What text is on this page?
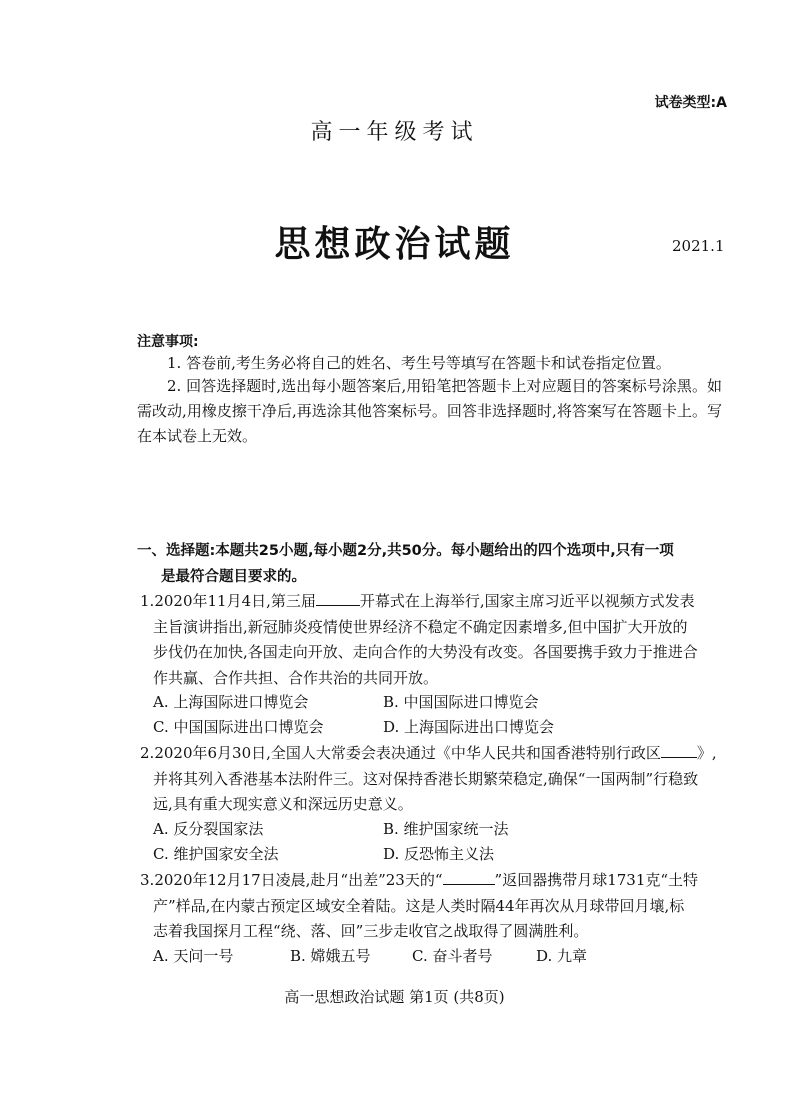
试卷类型:A
高一年级考试
思想政治试题	2021.1
注意事项:
1. 答卷前,考生务必将自己的姓名、考生号等填写在答题卡和试卷指定位置。
2. 回答选择题时,选出每小题答案后,用铅笔把答题卡上对应题目的答案标号涂黑。如需改动,用橡皮擦干净后,再选涂其他答案标号。回答非选择题时,将答案写在答题卡上。写在本试卷上无效。
一、选择题:本题共25小题,每小题2分,共50分。每小题给出的四个选项中,只有一项
是最符合题目要求的。
1.2020年11月4日,第三届	开幕式在上海举行,国家主席习近平以视频方式发表
主旨演讲指出,新冠肺炎疫情使世界经济不稳定不确定因素增多,但中国扩大开放的
步伐仍在加快,各国走向开放、走向合作的大势没有改变。各国要携手致力于推进合
作共赢、合作共担、合作共治的共同开放。
A. 上海国际进口博览会	B. 中国国际进口博览会
C. 中国国际进出口博览会	D. 上海国际进出口博览会
2.2020年6月30日,全国人大常委会表决通过《中华人民共和国香港特别行政区 》,
并将其列入香港基本法附件三。这对保持香港长期繁荣稳定,确保“一国两制”行稳致
远,具有重大现实意义和深远历史意义。
A. 反分裂国家法	B. 维护国家统一法
C. 维护国家安全法	D. 反恐怖主义法
3.2020年12月17日凌晨,赴月“出差”23天的“	”返回器携带月球1731克“土特
产”样品,在内蒙古预定区域安全着陆。这是人类时隔44年再次从月球带回月壤,标
志着我国探月工程“绕、落、回”三步走收官之战取得了圆满胜利。
A. 天问一号	B. 嫦娥五号	C. 奋斗者号	D. 九章
高一思想政治试题 第1页 (共8页)
